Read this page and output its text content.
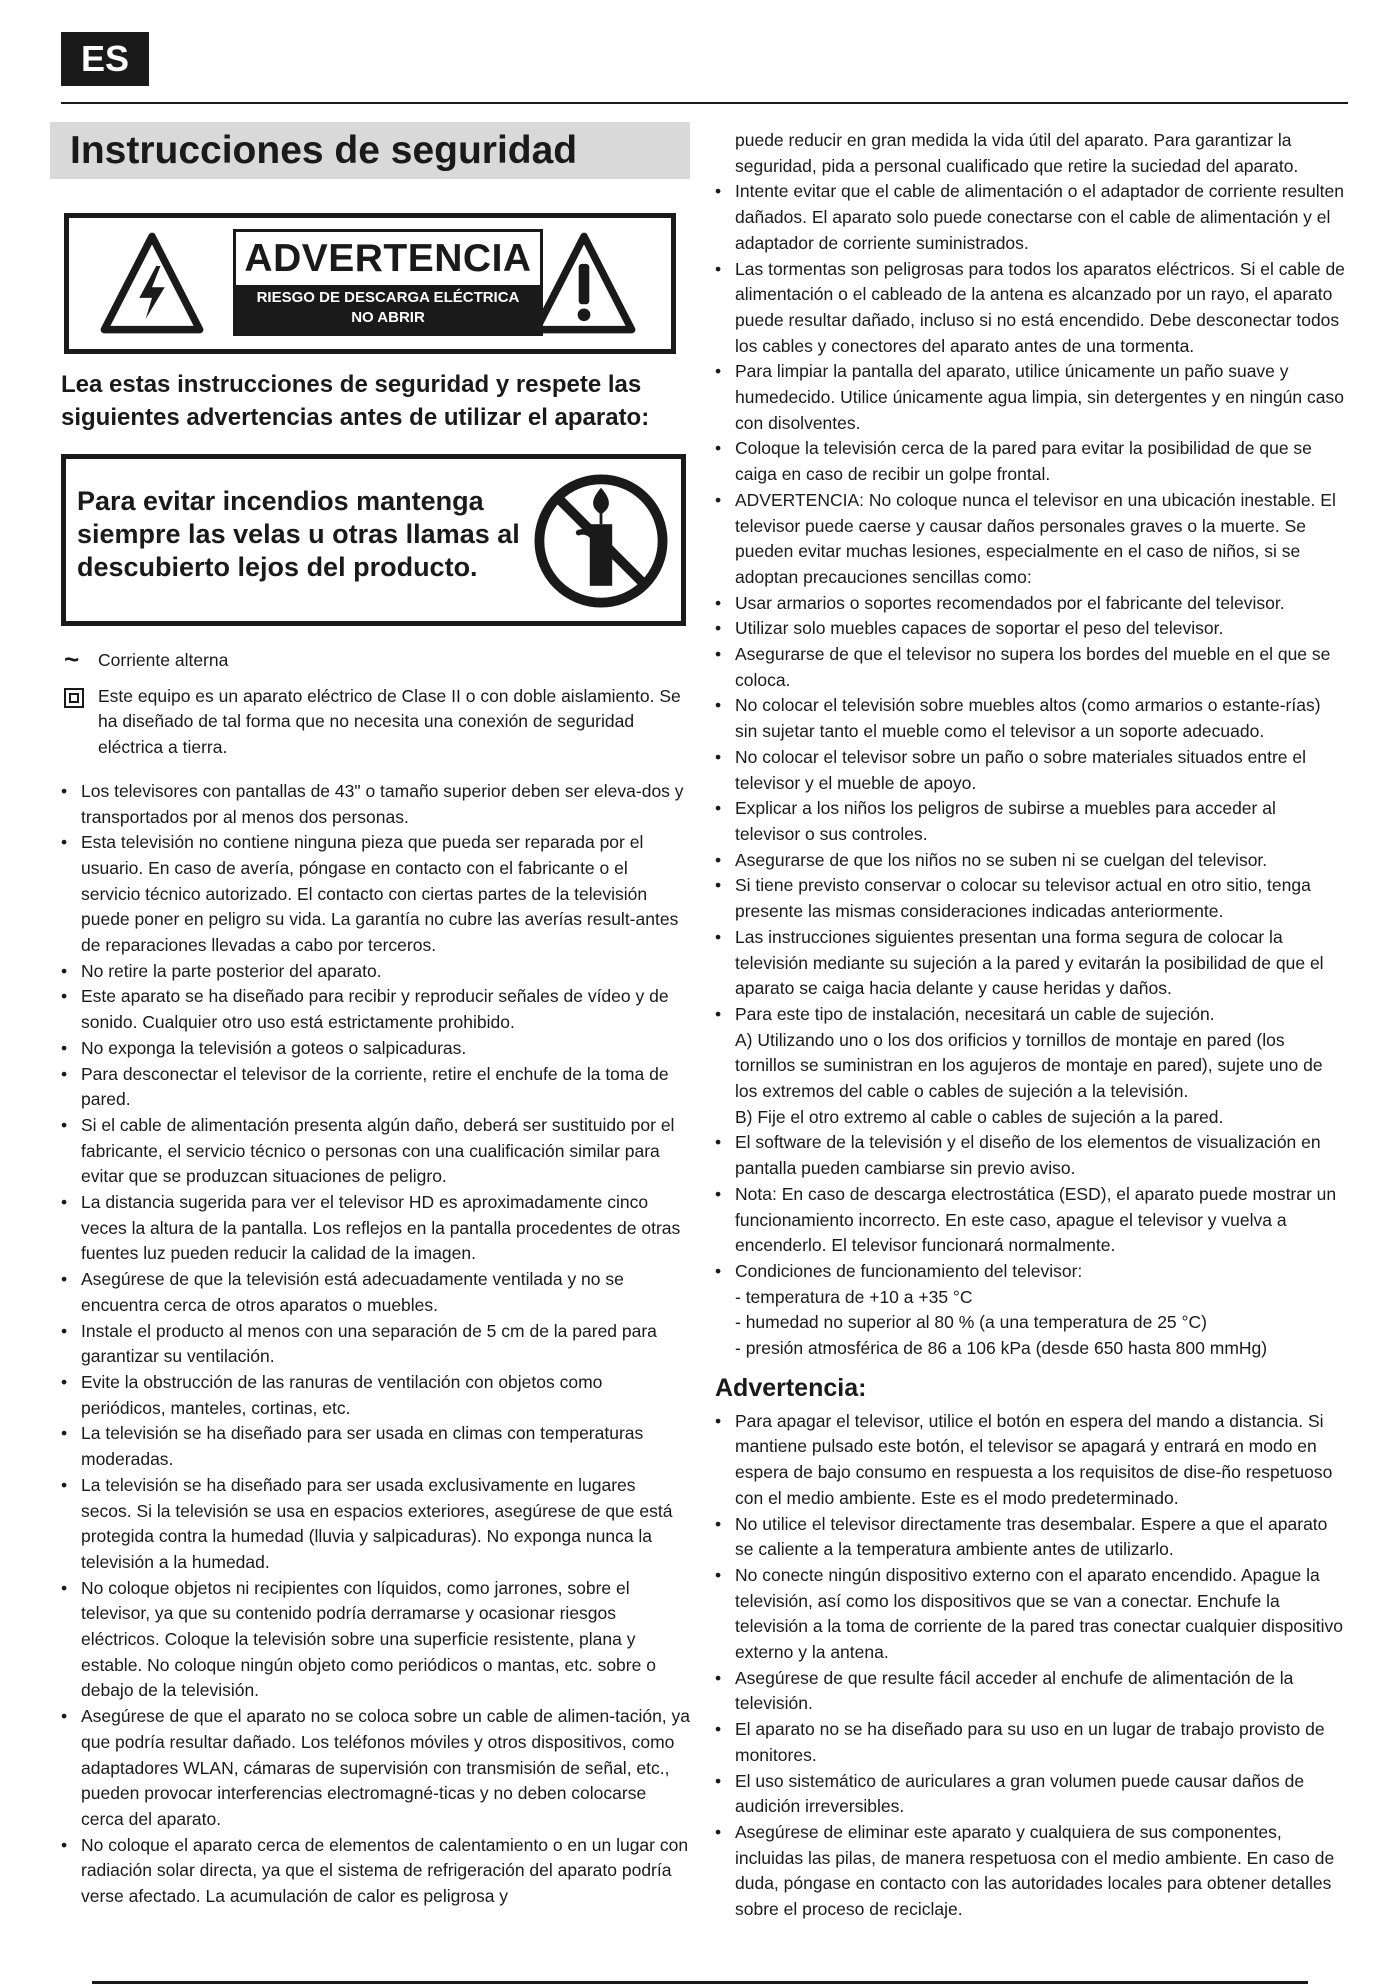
ES
Instrucciones de seguridad
ADVERTENCIA
RIESGO DE DESCARGA ELÉCTRICA
NO ABRIR
Lea estas instrucciones de seguridad y respete las siguientes advertencias antes de utilizar el aparato:
Para evitar incendios mantenga siempre las velas u otras llamas al descubierto lejos del producto.
~	Corriente alterna
Este equipo es un aparato eléctrico de Clase II o con doble aislamiento. Se ha diseñado de tal forma que no necesita una conexión de seguridad eléctrica a tierra.
• Los televisores con pantallas de 43" o tamaño superior deben ser eleva-dos y transportados por al menos dos personas.
• Esta televisión no contiene ninguna pieza que pueda ser reparada por el usuario. En caso de avería, póngase en contacto con el fabricante o el servicio técnico autorizado. El contacto con ciertas partes de la televisión puede poner en peligro su vida. La garantía no cubre las averías result-antes de reparaciones llevadas a cabo por terceros.
• No retire la parte posterior del aparato.
• Este aparato se ha diseñado para recibir y reproducir señales de vídeo y de sonido. Cualquier otro uso está estrictamente prohibido.
• No exponga la televisión a goteos o salpicaduras.
• Para desconectar el televisor de la corriente, retire el enchufe de la toma de pared.
• Si el cable de alimentación presenta algún daño, deberá ser sustituido por el fabricante, el servicio técnico o personas con una cualificación similar para evitar que se produzcan situaciones de peligro.
• La distancia sugerida para ver el televisor HD es aproximadamente cinco veces la altura de la pantalla. Los reflejos en la pantalla procedentes de otras fuentes luz pueden reducir la calidad de la imagen.
• Asegúrese de que la televisión está adecuadamente ventilada y no se encuentra cerca de otros aparatos o muebles.
• Instale el producto al menos con una separación de 5 cm de la pared para garantizar su ventilación.
• Evite la obstrucción de las ranuras de ventilación con objetos como periódicos, manteles, cortinas, etc.
• La televisión se ha diseñado para ser usada en climas con temperaturas moderadas.
• La televisión se ha diseñado para ser usada exclusivamente en lugares secos. Si la televisión se usa en espacios exteriores, asegúrese de que está protegida contra la humedad (lluvia y salpicaduras). No exponga nunca la televisión a la humedad.
• No coloque objetos ni recipientes con líquidos, como jarrones, sobre el televisor, ya que su contenido podría derramarse y ocasionar riesgos eléctricos. Coloque la televisión sobre una superficie resistente, plana y estable. No coloque ningún objeto como periódicos o mantas, etc. sobre o debajo de la televisión.
• Asegúrese de que el aparato no se coloca sobre un cable de alimen-tación, ya que podría resultar dañado. Los teléfonos móviles y otros dispositivos, como adaptadores WLAN, cámaras de supervisión con transmisión de señal, etc., pueden provocar interferencias electromagné-ticas y no deben colocarse cerca del aparato.
• No coloque el aparato cerca de elementos de calentamiento o en un lugar con radiación solar directa, ya que el sistema de refrigeración del aparato podría verse afectado. La acumulación de calor es peligrosa y
puede reducir en gran medida la vida útil del aparato. Para garantizar la seguridad, pida a personal cualificado que retire la suciedad del aparato.
• Intente evitar que el cable de alimentación o el adaptador de corriente resulten dañados. El aparato solo puede conectarse con el cable de alimentación y el adaptador de corriente suministrados.
• Las tormentas son peligrosas para todos los aparatos eléctricos. Si el cable de alimentación o el cableado de la antena es alcanzado por un rayo, el aparato puede resultar dañado, incluso si no está encendido. Debe desconectar todos los cables y conectores del aparato antes de una tormenta.
• Para limpiar la pantalla del aparato, utilice únicamente un paño suave y humedecido. Utilice únicamente agua limpia, sin detergentes y en ningún caso con disolventes.
• Coloque la televisión cerca de la pared para evitar la posibilidad de que se caiga en caso de recibir un golpe frontal.
• ADVERTENCIA: No coloque nunca el televisor en una ubicación inestable. El televisor puede caerse y causar daños personales graves o la muerte. Se pueden evitar muchas lesiones, especialmente en el caso de niños, si se adoptan precauciones sencillas como:
• Usar armarios o soportes recomendados por el fabricante del televisor.
• Utilizar solo muebles capaces de soportar el peso del televisor.
• Asegurarse de que el televisor no supera los bordes del mueble en el que se coloca.
• No colocar el televisión sobre muebles altos (como armarios o estante-rías) sin sujetar tanto el mueble como el televisor a un soporte adecuado.
• No colocar el televisor sobre un paño o sobre materiales situados entre el televisor y el mueble de apoyo.
• Explicar a los niños los peligros de subirse a muebles para acceder al televisor o sus controles.
• Asegurarse de que los niños no se suben ni se cuelgan del televisor.
• Si tiene previsto conservar o colocar su televisor actual en otro sitio, tenga presente las mismas consideraciones indicadas anteriormente.
• Las instrucciones siguientes presentan una forma segura de colocar la televisión mediante su sujeción a la pared y evitarán la posibilidad de que el aparato se caiga hacia delante y cause heridas y daños.
• Para este tipo de instalación, necesitará un cable de sujeción.
A) Utilizando uno o los dos orificios y tornillos de montaje en pared (los tornillos se suministran en los agujeros de montaje en pared), sujete uno de los extremos del cable o cables de sujeción a la televisión.
B) Fije el otro extremo al cable o cables de sujeción a la pared.
• El software de la televisión y el diseño de los elementos de visualización en pantalla pueden cambiarse sin previo aviso.
• Nota: En caso de descarga electrostática (ESD), el aparato puede mostrar un funcionamiento incorrecto. En este caso, apague el televisor y vuelva a encenderlo. El televisor funcionará normalmente.
• Condiciones de funcionamiento del televisor:
- temperatura de +10 a +35 °C
- humedad no superior al 80 % (a una temperatura de 25 °C)
- presión atmosférica de 86 a 106 kPa (desde 650 hasta 800 mmHg)
Advertencia:
• Para apagar el televisor, utilice el botón en espera del mando a distancia. Si mantiene pulsado este botón, el televisor se apagará y entrará en modo en espera de bajo consumo en respuesta a los requisitos de dise-ño respetuoso con el medio ambiente. Este es el modo predeterminado.
• No utilice el televisor directamente tras desembalar. Espere a que el aparato se caliente a la temperatura ambiente antes de utilizarlo.
• No conecte ningún dispositivo externo con el aparato encendido. Apague la televisión, así como los dispositivos que se van a conectar. Enchufe la televisión a la toma de corriente de la pared tras conectar cualquier dispositivo externo y la antena.
• Asegúrese de que resulte fácil acceder al enchufe de alimentación de la televisión.
• El aparato no se ha diseñado para su uso en un lugar de trabajo provisto de monitores.
• El uso sistemático de auriculares a gran volumen puede causar daños de audición irreversibles.
• Asegúrese de eliminar este aparato y cualquiera de sus componentes, incluidas las pilas, de manera respetuosa con el medio ambiente. En caso de duda, póngase en contacto con las autoridades locales para obtener detalles sobre el proceso de reciclaje.
